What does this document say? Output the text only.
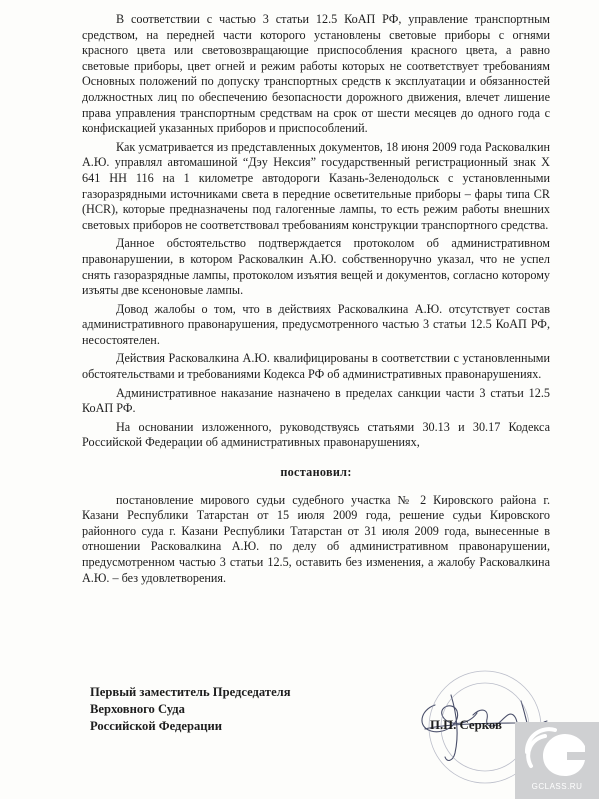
В соответствии с частью 3 статьи 12.5 КоАП РФ, управление транспортным средством, на передней части которого установлены световые приборы с огнями красного цвета или световозвращающие приспособления красного цвета, а равно световые приборы, цвет огней и режим работы которых не соответствует требованиям Основных положений по допуску транспортных средств к эксплуатации и обязанностей должностных лиц по обеспечению безопасности дорожного движения, влечет лишение права управления транспортным средствам на срок от шести месяцев до одного года с конфискацией указанных приборов и приспособлений.

Как усматривается из представленных документов, 18 июня 2009 года Расковалкин А.Ю. управлял автомашиной “Дэу Нексия” государственный регистрационный знак Х 641 НН 116 на 1 километре автодороги Казань-Зеленодольск с установленными газоразрядными источниками света в передние осветительные приборы – фары типа CR (HCR), которые предназначены под галогенные лампы, то есть режим работы внешних световых приборов не соответствовал требованиям конструкции транспортного средства.

Данное обстоятельство подтверждается протоколом об административном правонарушении, в котором Расковалкин А.Ю. собственноручно указал, что не успел снять газоразрядные лампы, протоколом изъятия вещей и документов, согласно которому изъяты две ксеноновые лампы.

Довод жалобы о том, что в действиях Расковалкина А.Ю. отсутствует состав административного правонарушения, предусмотренного частью 3 статьи 12.5 КоАП РФ, несостоятелен.

Действия Расковалкина А.Ю. квалифицированы в соответствии с установленными обстоятельствами и требованиями Кодекса РФ об административных правонарушениях.

Административное наказание назначено в пределах санкции части 3 статьи 12.5 КоАП РФ.

На основании изложенного, руководствуясь статьями 30.13 и 30.17 Кодекса Российской Федерации об административных правонарушениях,

постановил:

постановление мирового судьи судебного участка № 2 Кировского района г. Казани Республики Татарстан от 15 июля 2009 года, решение судьи Кировского районного суда г. Казани Республики Татарстан от 31 июля 2009 года, вынесенные в отношении Расковалкина А.Ю. по делу об административном правонарушении, предусмотренном частью 3 статьи 12.5, оставить без изменения, а жалобу Расковалкина А.Ю. – без удовлетворения.

Первый заместитель Председателя
Верховного Суда
Российской Федерации	П.П. Серков
GCLASS.RU
